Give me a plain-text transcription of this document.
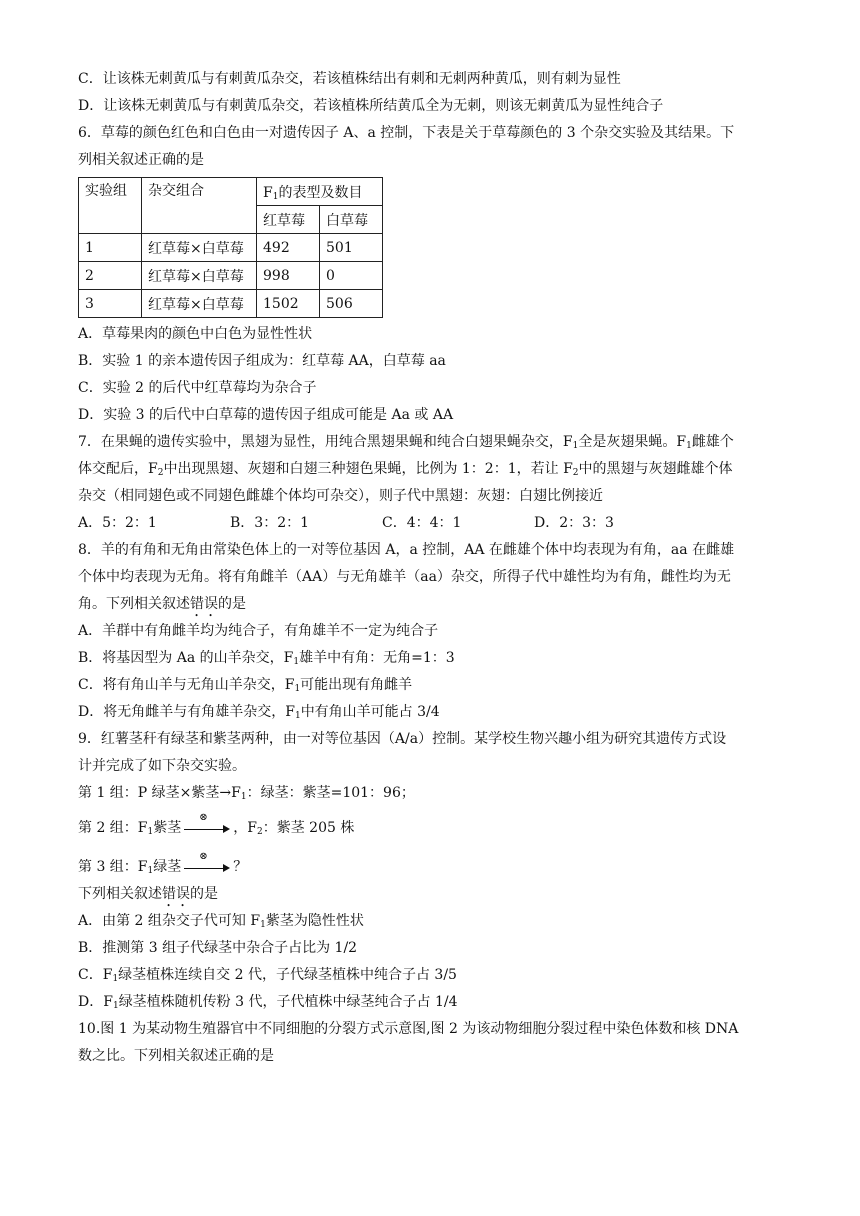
C．让该株无刺黄瓜与有刺黄瓜杂交，若该植株结出有刺和无刺两种黄瓜，则有刺为显性
D．让该株无刺黄瓜与有刺黄瓜杂交，若该植株所结黄瓜全为无刺，则该无刺黄瓜为显性纯合子
6．草莓的颜色红色和白色由一对遗传因子 A、a 控制，下表是关于草莓颜色的 3 个杂交实验及其结果。下
列相关叙述正确的是
实验组	杂交组合	$F_1$的表型及数目	
		红草莓	白草莓
1	红草莓×白草莓	492	501
2	红草莓×白草莓	998	0
3	红草莓×白草莓	1502	506
A．草莓果肉的颜色中白色为显性性状
B．实验 1 的亲本遗传因子组成为：红草莓 AA，白草莓 aa
C．实验 2 的后代中红草莓均为杂合子
D．实验 3 的后代中白草莓的遗传因子组成可能是 Aa 或 AA
7．在果蝇的遗传实验中，黑翅为显性，用纯合黑翅果蝇和纯合白翅果蝇杂交，$F_1$全是灰翅果蝇。$F_1$雌雄个
体交配后，$F_2$中出现黑翅、灰翅和白翅三种翅色果蝇，比例为 1：2：1，若让 $F_2$中的黑翅与灰翅雌雄个体
杂交（相同翅色或不同翅色雌雄个体均可杂交），则子代中黑翅：灰翅：白翅比例接近
A．5：2：1	B．3：2：1	C．4：4：1	D．2：3：3
8．羊的有角和无角由常染色体上的一对等位基因 A，a 控制，AA 在雌雄个体中均表现为有角，aa 在雌雄
个体中均表现为无角。将有角雌羊（AA）与无角雄羊（aa）杂交，所得子代中雄性均为有角，雌性均为无
角。下列相关叙述错误的是
A．羊群中有角雌羊均为纯合子，有角雄羊不一定为纯合子
B．将基因型为 Aa 的山羊杂交，$F_1$雄羊中有角：无角=1：3
C．将有角山羊与无角山羊杂交，$F_1$可能出现有角雌羊
D．将无角雌羊与有角雄羊杂交，$F_1$中有角山羊可能占 3/4
9．红薯茎秆有绿茎和紫茎两种，由一对等位基因（A/a）控制。某学校生物兴趣小组为研究其遗传方式设
计并完成了如下杂交实验。
第 1 组：P 绿茎×紫茎$\to F_1$：绿茎：紫茎=101：96；
第 2 组：$F_1$紫茎
⊗
，$F_2$：紫茎 205 株
第 3 组：$F_1$绿茎
⊗
？
下列相关叙述错误的是
A．由第 2 组杂交子代可知 $F_1$紫茎为隐性性状
B．推测第 3 组子代绿茎中杂合子占比为 1/2
C．$F_1$绿茎植株连续自交 2 代，子代绿茎植株中纯合子占 3/5
D．$F_1$绿茎植株随机传粉 3 代，子代植株中绿茎纯合子占 1/4
10.图 1 为某动物生殖器官中不同细胞的分裂方式示意图,图 2 为该动物细胞分裂过程中染色体数和核 DNA
数之比。下列相关叙述正确的是
